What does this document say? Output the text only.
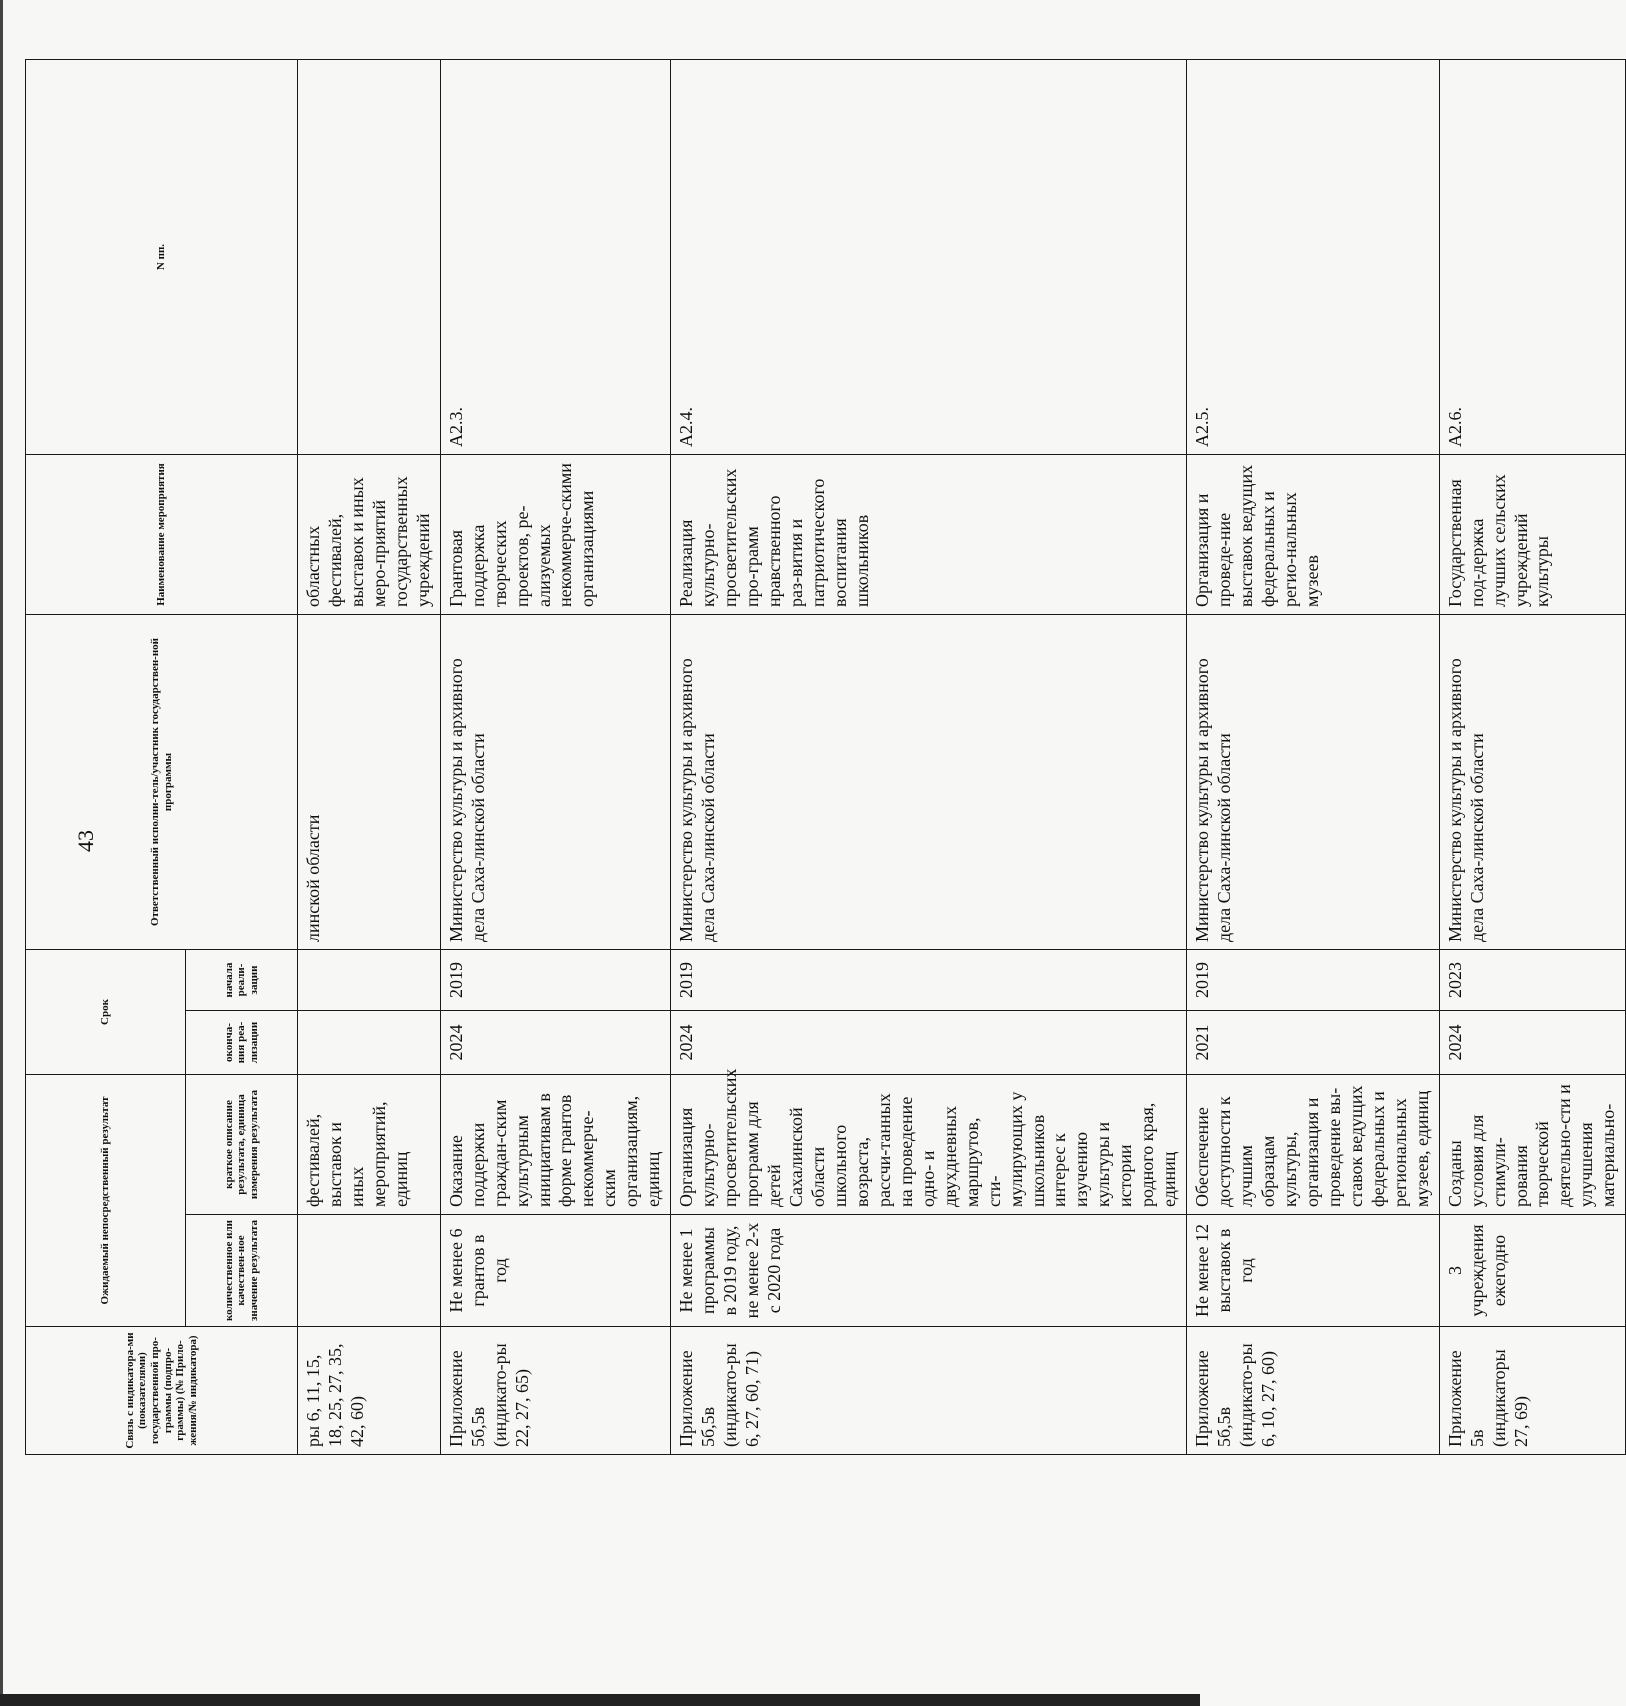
43
Связь с индикатора-ми (показателями) государственной про-граммы (подпро-граммы) (№ Прило-жения/№ индикатора)	Ожидаемый непосредственный результат		Срок		Ответственный исполни-тель/участник государствен-ной программы	Наименование мероприятия	N пп.
	количественное или качествен-ное значение результата	краткое описание результата, единица измерения результата	оконча-ния реа-лизации	начала реали-зации			
ры 6, 11, 15, 18, 25, 27, 35, 42, 60)		фестивалей, выставок и иных мероприятий, единиц			линской области	областных фестивалей, выставок и иных меро-приятий государственных учреждений	
Приложение 5б,5в (индикато-ры 22, 27, 65)	Не менее 6 грантов в год	Оказание поддержки граждан-ским культурным инициативам в форме грантов некоммерче-ским организациям, единиц	2024	2019	Министерство культуры и архивного дела Саха-линской области	Грантовая поддержка творческих проектов, ре-ализуемых некоммерче-скими организациями	А2.3.
Приложение 5б,5в (индикато-ры 6, 27, 60, 71)	Не менее 1 программы в 2019 году, не менее 2-х с 2020 года	Организация культурно-просветительских программ для детей Сахалинской области школьного возраста, рассчи-танных на проведение одно- и двухдневных маршрутов, сти-мулирующих у школьников интерес к изучению культуры и истории родного края, единиц	2024	2019	Министерство культуры и архивного дела Саха-линской области	Реализация культурно-просветительских про-грамм нравственного раз-вития и патриотического воспитания школьников	А2.4.
Приложение 5б,5в (индикато-ры 6, 10, 27, 60)	Не менее 12 выставок в год	Обеспечение доступности к лучшим образцам культуры, организация и проведение вы-ставок ведущих федеральных и региональных музеев, единиц	2021	2019	Министерство культуры и архивного дела Саха-линской области	Организация и проведе-ние выставок ведущих федеральных и регио-нальных музеев	А2.5.
Приложение 5в (индикаторы 27, 69)	3 учреждения ежегодно	Созданы условия для стимули-рования творческой деятельно-сти и улучшения материально-	2024	2023	Министерство культуры и архивного дела Саха-линской области	Государственная под-держка лучших сельских учреждений культуры	А2.6.
